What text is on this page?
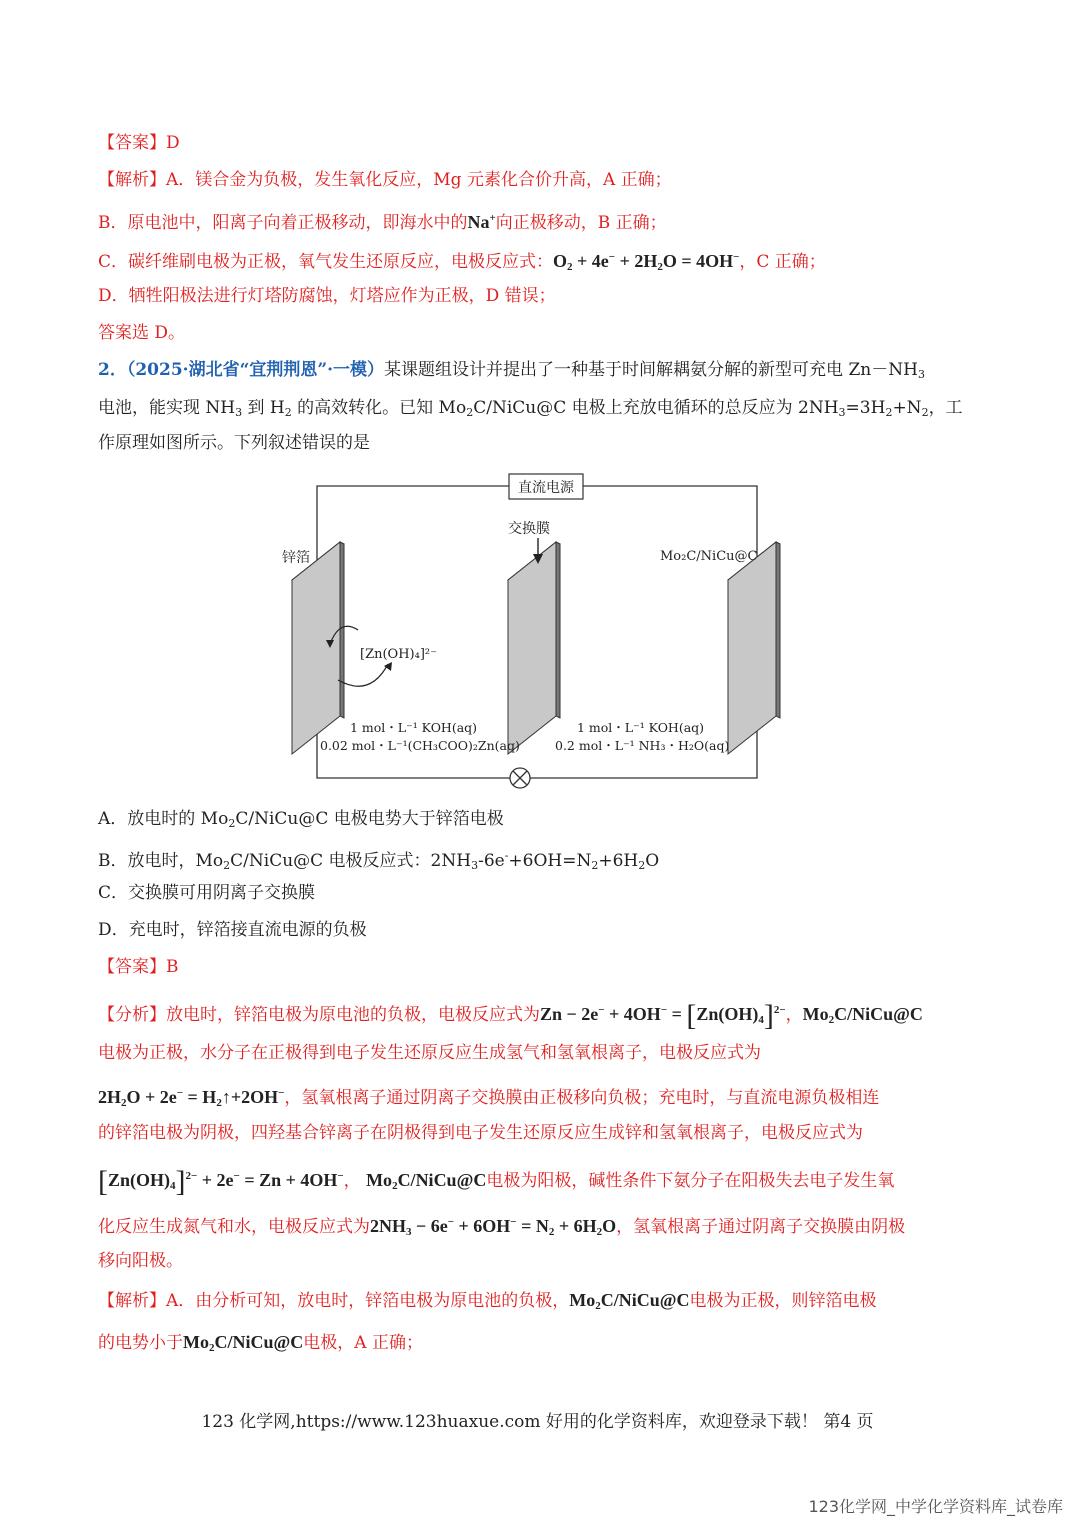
【答案】D
【解析】A．镁合金为负极，发生氧化反应，Mg 元素化合价升高，A 正确；
B．原电池中，阳离子向着正极移动，即海水中的Na+向正极移动，B 正确；
C．碳纤维刷电极为正极，氧气发生还原反应，电极反应式：$O_2 + 4e^- + 2H_2O = 4OH^-$，C 正确；
D．牺牲阳极法进行灯塔防腐蚀，灯塔应作为正极，D 错误；
答案选 D。
2．（2025·湖北省“宜荆荆恩”·一模）某课题组设计并提出了一种基于时间解耦氨分解的新型可充电 $Zn-NH_3$
电池，能实现 $NH_3$ 到 $H_2$ 的高效转化。已知 $Mo_2C/NiCu@C$ 电极上充放电循环的总反应为 $2NH_3=3H_2+N_2$，工
作原理如图所示。下列叙述错误的是
直流电源
锌箔
交换膜
Mo₂C/NiCu@C
[Zn(OH)₄]²⁻
1 mol・L⁻¹ KOH(aq)
0.02 mol・L⁻¹(CH₃COO)₂Zn(aq)
1 mol・L⁻¹ KOH(aq)
0.2 mol・L⁻¹ NH₃・H₂O(aq)
A．放电时的 $Mo_2C/NiCu@C$ 电极电势大于锌箔电极
B．放电时，$Mo_2C/NiCu@C$ 电极反应式：$2NH_3-6e^-+6OH=N_2+6H_2O$
C．交换膜可用阴离子交换膜
D．充电时，锌箔接直流电源的负极
【答案】B
【分析】放电时，锌箔电极为原电池的负极，电极反应式为$Zn - 2e^- + 4OH^- = [Zn(OH)_4]^{2-}$，$Mo_2C/NiCu@C$
电极为正极，水分子在正极得到电子发生还原反应生成氢气和氢氧根离子，电极反应式为
$2H_2O + 2e^-$ = $H_2↑+2OH^-$，氢氧根离子通过阴离子交换膜由正极移向负极；充电时，与直流电源负极相连
的锌箔电极为阴极，四羟基合锌离子在阴极得到电子发生还原反应生成锌和氢氧根离子，电极反应式为
$[Zn(OH)_4]^{2-} + 2e^- = Zn + 4OH^-$， $Mo_2C/NiCu@C$电极为阳极，碱性条件下氨分子在阳极失去电子发生氧
化反应生成氮气和水，电极反应式为$2NH_3 - 6e^- + 6OH^- = N_2 + 6H_2O$，氢氧根离子通过阴离子交换膜由阴极
移向阳极。
【解析】A．由分析可知，放电时，锌箔电极为原电池的负极，$Mo_2C/NiCu@C$电极为正极，则锌箔电极
的电势小于$Mo_2C/NiCu@C$电极，A 正确；
123 化学网,https://www.123huaxue.com 好用的化学资料库，欢迎登录下载！ 第4 页
123化学网_中学化学资料库_试卷库
